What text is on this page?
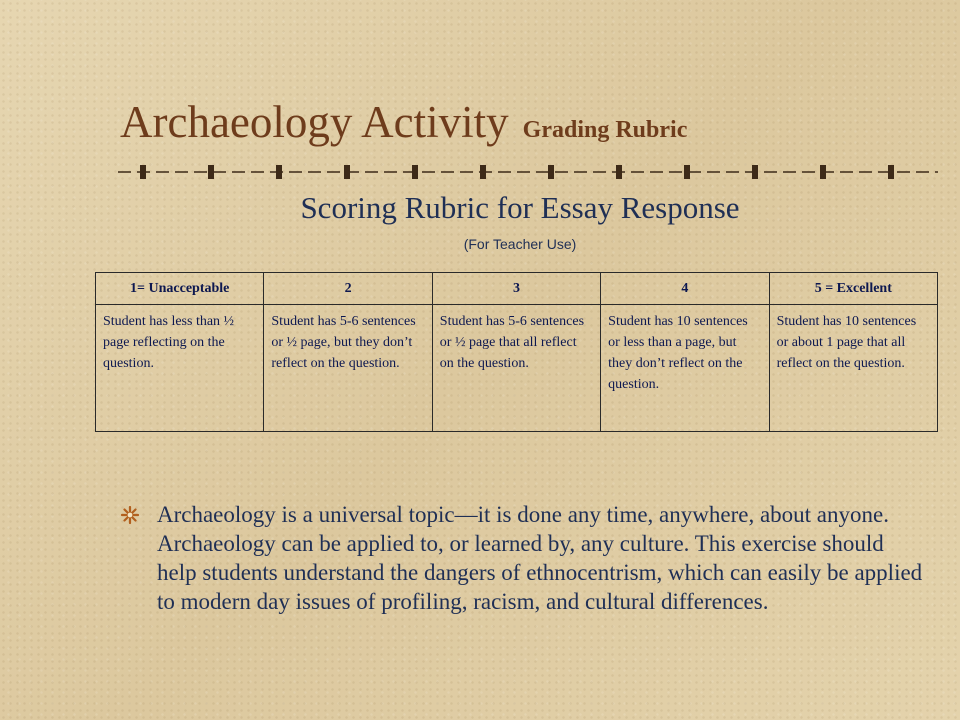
Archaeology Activity Grading Rubric
Scoring Rubric for Essay Response
(For Teacher Use)
1= Unacceptable	2	3	4	5 = Excellent
Student has less than ½ page reflecting on the question.	Student has 5-6 sentences or ½ page, but they don’t reflect on the question.	Student has 5-6 sentences or ½ page that all reflect on the question.	Student has 10 sentences or less than a page, but they don’t reflect on the question.	Student has 10 sentences or about 1 page that all reflect on the question.

Archaeology is a universal topic—it is done any time, anywhere, about anyone. Archaeology can be applied to, or learned by, any culture. This exercise should help students understand the dangers of ethnocentrism, which can easily be applied to modern day issues of profiling, racism, and cultural differences.
